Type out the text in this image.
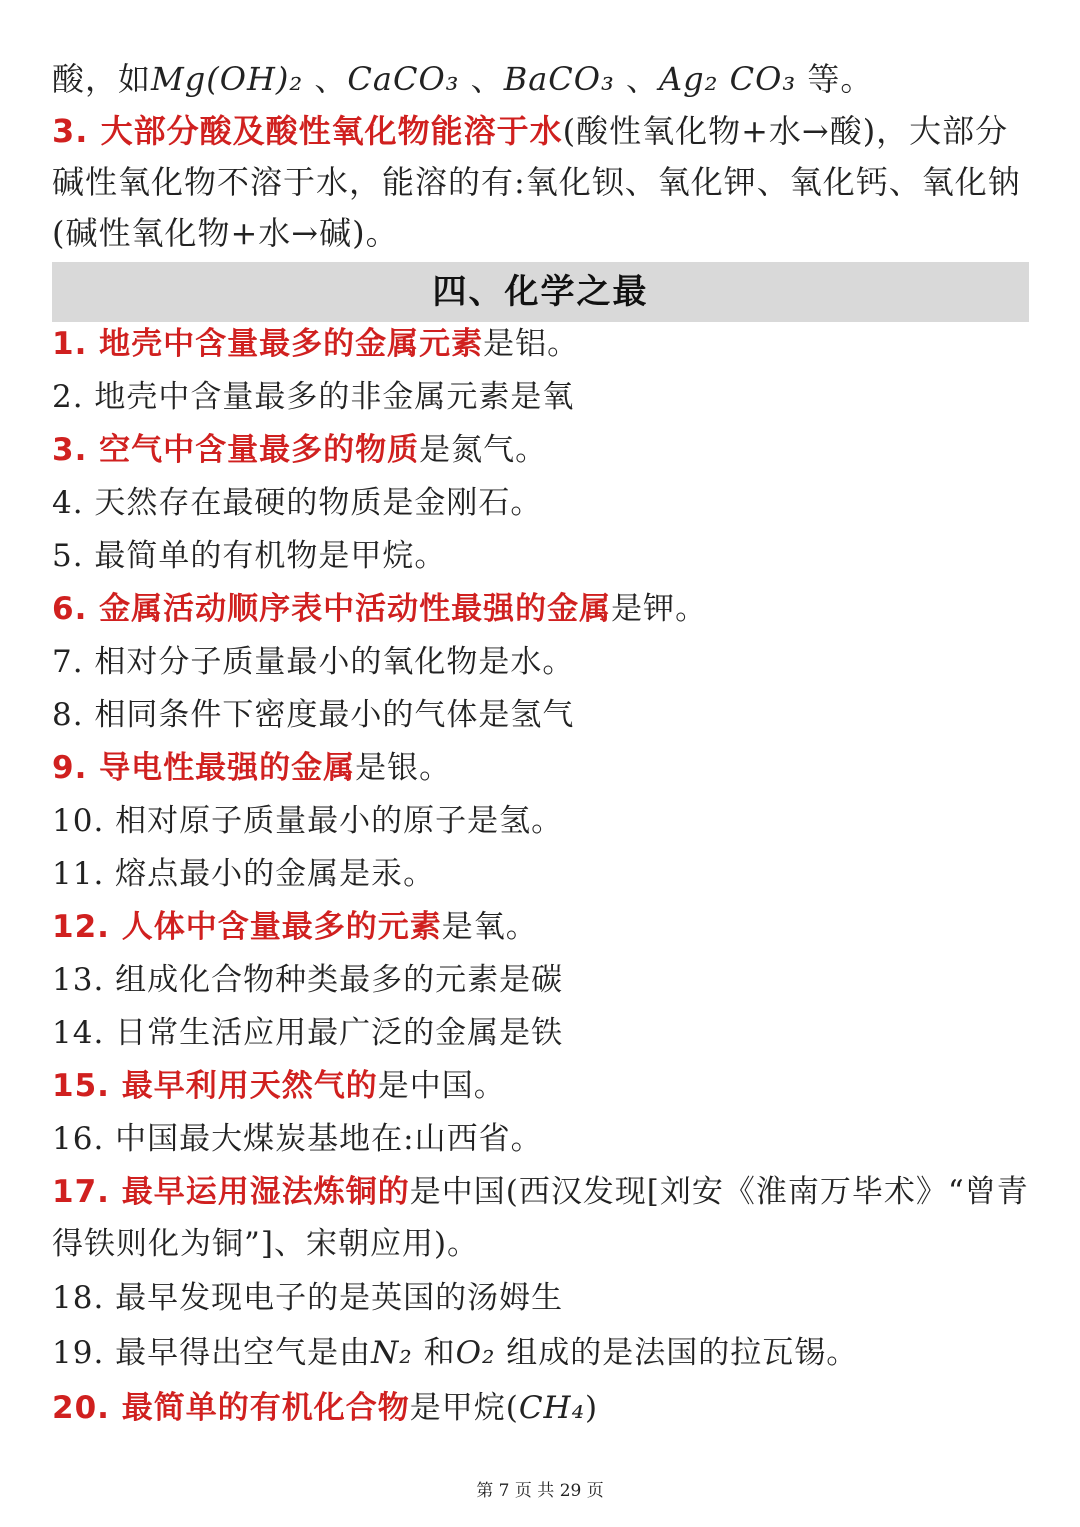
酸，如Mg(OH)₂ 、CaCO₃ 、BaCO₃ 、Ag₂ CO₃ 等。
3. 大部分酸及酸性氧化物能溶于水(酸性氧化物+水→酸)，大部分碱性氧化物不溶于水，能溶的有:氧化钡、氧化钾、氧化钙、氧化钠(碱性氧化物+水→碱)。
四、化学之最
1. 地壳中含量最多的金属元素是铝。
2. 地壳中含量最多的非金属元素是氧
3. 空气中含量最多的物质是氮气。
4. 天然存在最硬的物质是金刚石。
5. 最简单的有机物是甲烷。
6. 金属活动顺序表中活动性最强的金属是钾。
7. 相对分子质量最小的氧化物是水。
8. 相同条件下密度最小的气体是氢气
9. 导电性最强的金属是银。
10. 相对原子质量最小的原子是氢。
11. 熔点最小的金属是汞。
12. 人体中含量最多的元素是氧。
13. 组成化合物种类最多的元素是碳
14. 日常生活应用最广泛的金属是铁
15. 最早利用天然气的是中国。
16. 中国最大煤炭基地在:山西省。
17. 最早运用湿法炼铜的是中国(西汉发现[刘安《淮南万毕术》“曾青得铁则化为铜”]、宋朝应用)。
18. 最早发现电子的是英国的汤姆生
19. 最早得出空气是由N₂ 和O₂ 组成的是法国的拉瓦锡。
20. 最简单的有机化合物是甲烷(CH₄)
第 7 页 共 29 页
